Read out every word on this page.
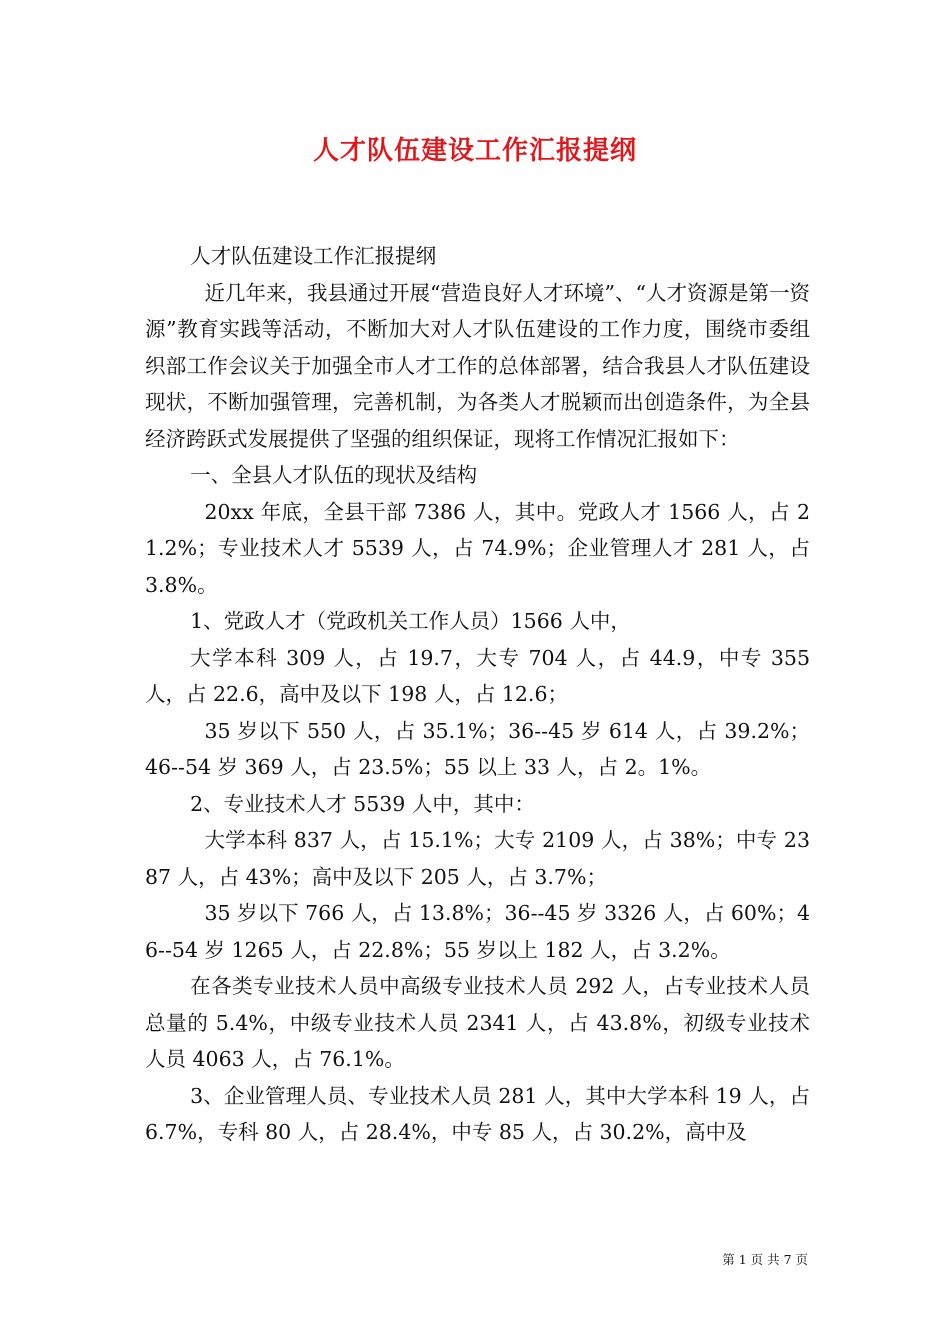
人才队伍建设工作汇报提纲

人才队伍建设工作汇报提纲

近几年来，我县通过开展“营造良好人才环境”、“人才资源是第一资源”教育实践等活动，不断加大对人才队伍建设的工作力度，围绕市委组织部工作会议关于加强全市人才工作的总体部署，结合我县人才队伍建设现状，不断加强管理，完善机制，为各类人才脱颖而出创造条件，为全县经济跨跃式发展提供了坚强的组织保证，现将工作情况汇报如下：

一、全县人才队伍的现状及结构

20xx 年底，全县干部 7386 人，其中。党政人才 1566 人，占 21.2%；专业技术人才 5539 人，占 74.9%；企业管理人才 281 人，占 3.8%。

1、党政人才（党政机关工作人员）1566 人中，

大学本科 309 人，占 19.7，大专 704 人，占 44.9，中专 355 人，占 22.6，高中及以下 198 人，占 12.6；

35 岁以下 550 人，占 35.1%；36--45 岁 614 人，占 39.2%；46--54 岁 369 人，占 23.5%；55 以上 33 人，占 2。1%。

2、专业技术人才 5539 人中，其中：

大学本科 837 人，占 15.1%；大专 2109 人，占 38%；中专 2387 人，占 43%；高中及以下 205 人，占 3.7%；

35 岁以下 766 人，占 13.8%；36--45 岁 3326 人，占 60%；46--54 岁 1265 人，占 22.8%；55 岁以上 182 人，占 3.2%。

在各类专业技术人员中高级专业技术人员 292 人，占专业技术人员总量的 5.4%，中级专业技术人员 2341 人，占 43.8%，初级专业技术人员 4063 人，占 76.1%。

3、企业管理人员、专业技术人员 281 人，其中大学本科 19 人，占 6.7%，专科 80 人，占 28.4%，中专 85 人，占 30.2%，高中及

第 1 页 共 7 页
